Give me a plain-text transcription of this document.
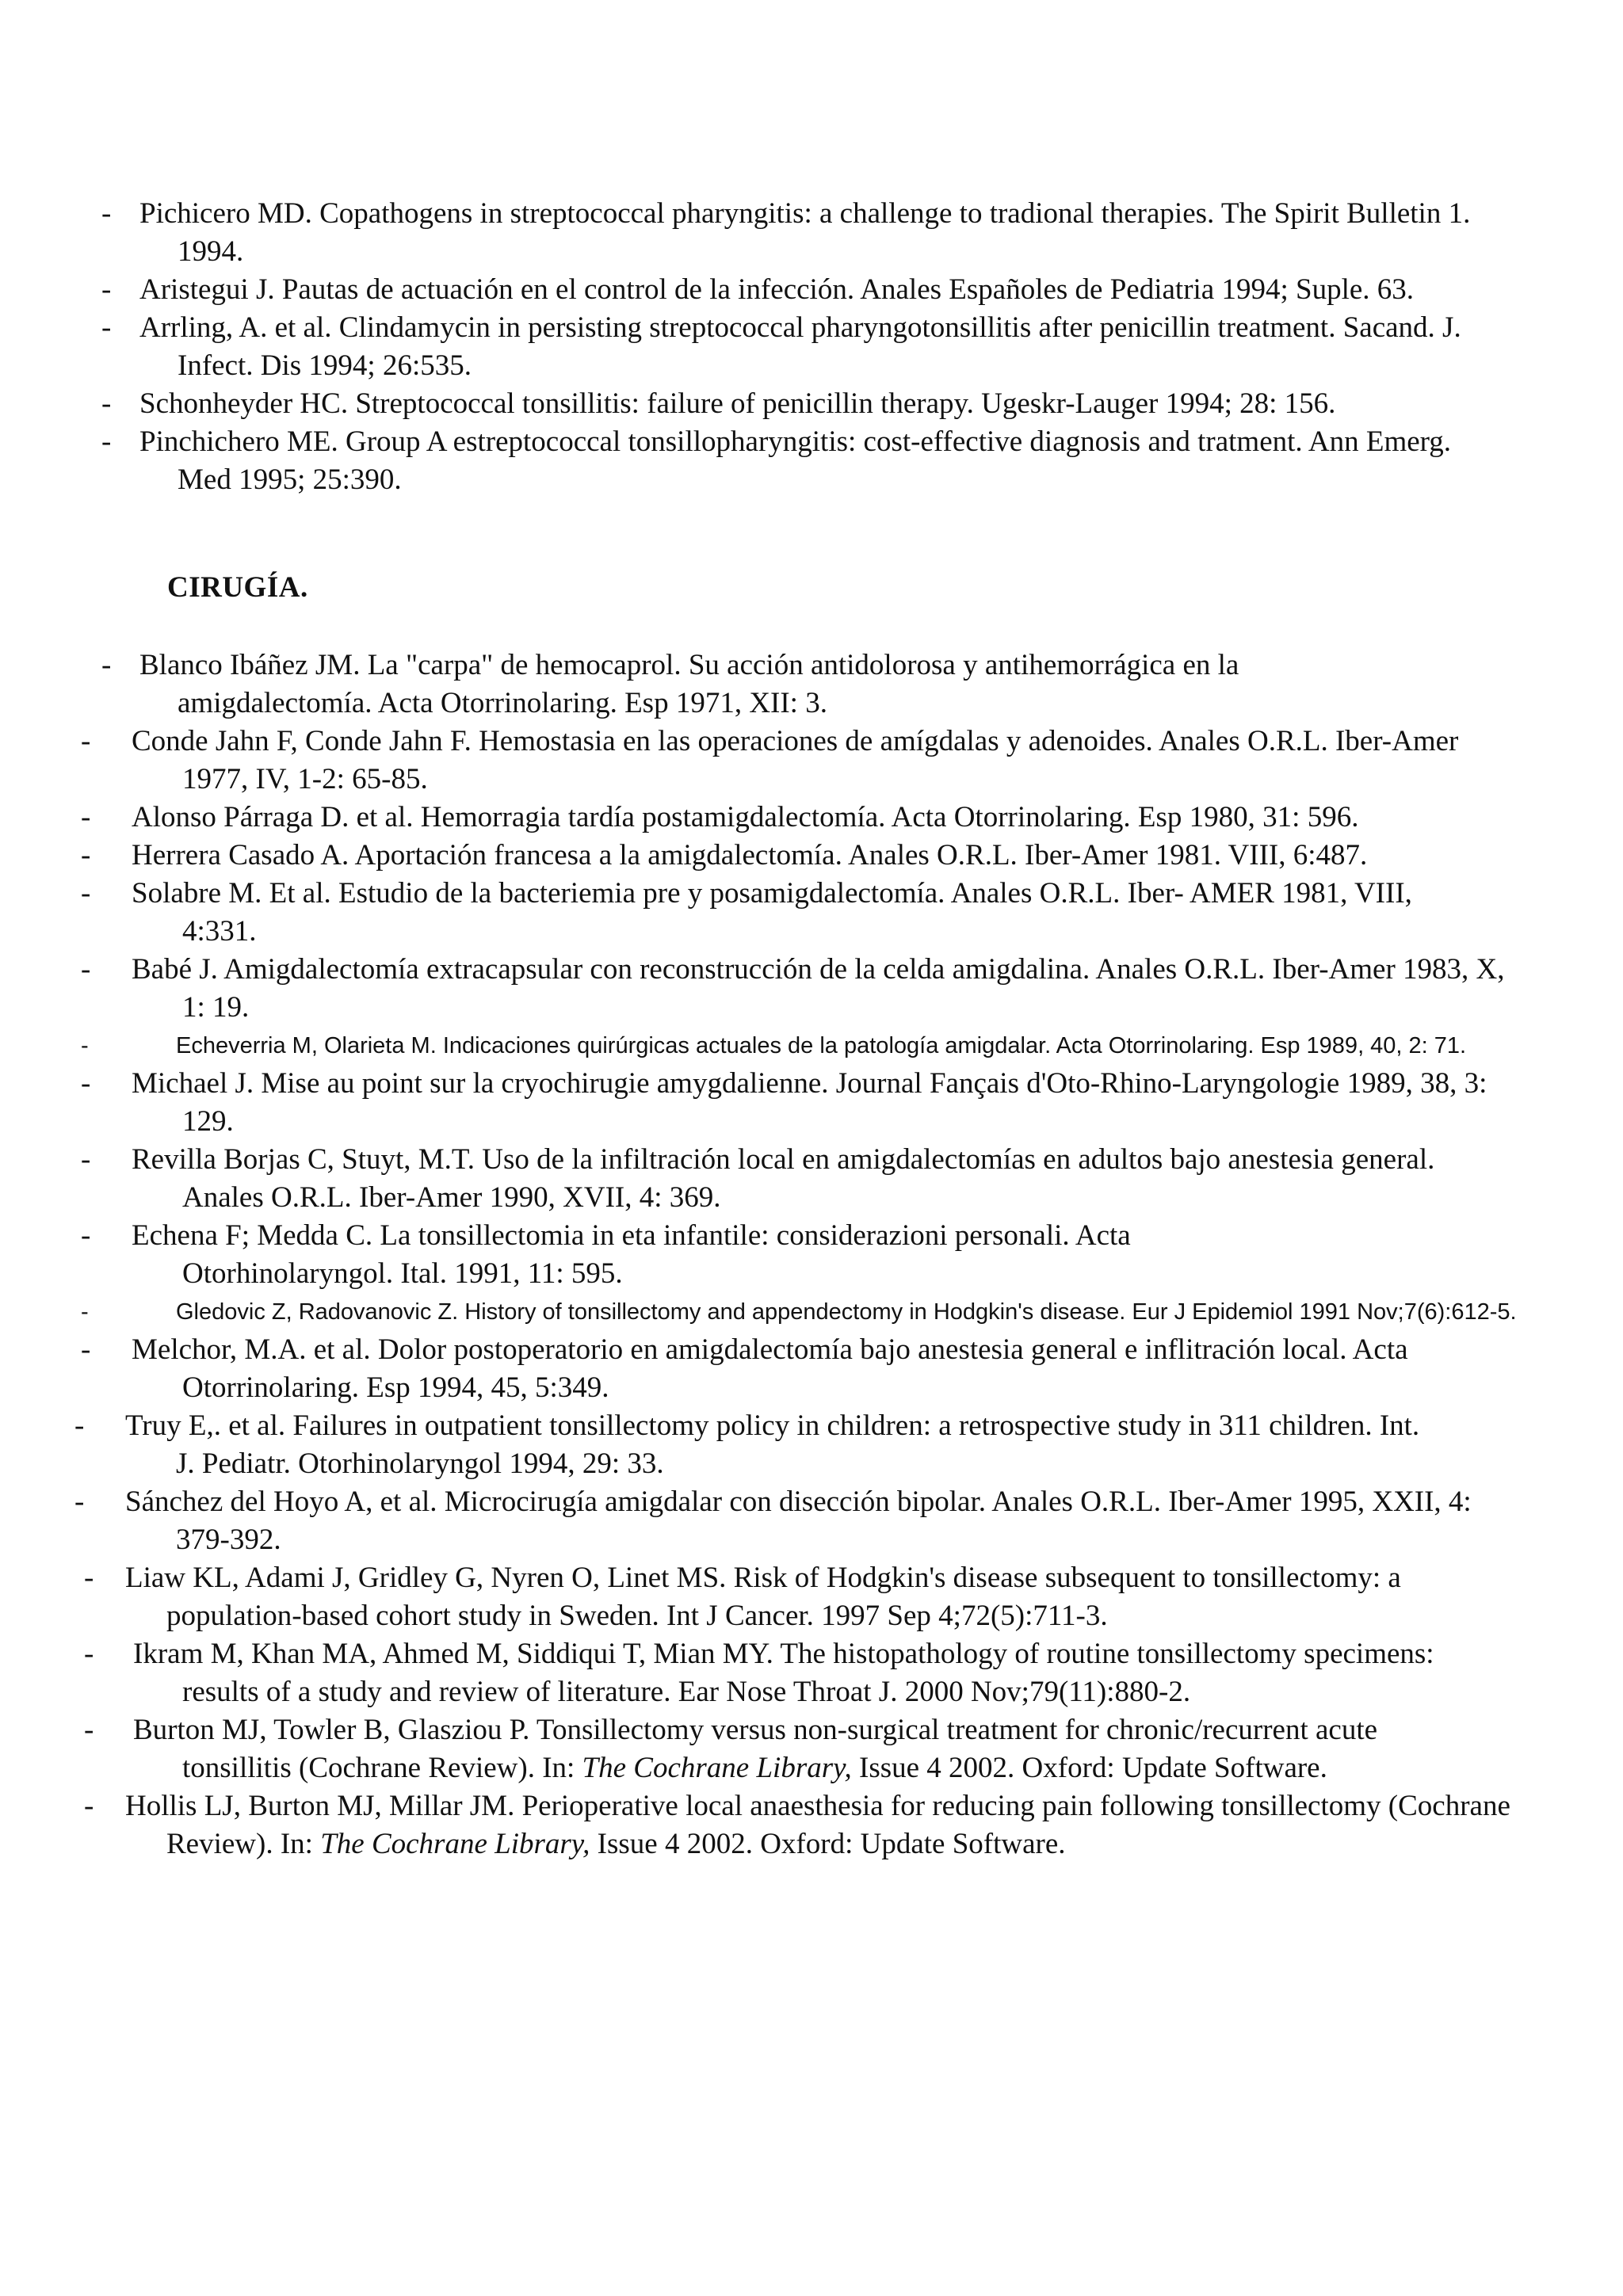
- Pichicero MD. Copathogens in streptococcal pharyngitis: a challenge to tradional therapies. The Spirit Bulletin 1. 1994.

- Aristegui J. Pautas de actuación en el control de la infección. Anales Españoles de Pediatria 1994; Suple. 63.

- Arrling, A. et al. Clindamycin in persisting streptococcal pharyngotonsillitis after penicillin treatment. Sacand. J. Infect. Dis 1994; 26:535.

- Schonheyder HC. Streptococcal tonsillitis: failure of penicillin therapy. Ugeskr-Lauger 1994; 28: 156.

- Pinchichero ME. Group A estreptococcal tonsillopharyngitis: cost-effective diagnosis and tratment. Ann Emerg. Med 1995; 25:390.

CIRUGÍA.

- Blanco Ibáñez JM. La "carpa" de hemocaprol. Su acción antidolorosa y antihemorrágica en la amigdalectomía. Acta Otorrinolaring. Esp 1971, XII: 3.

- Conde Jahn F, Conde Jahn F. Hemostasia en las operaciones de amígdalas y adenoides. Anales O.R.L. Iber-Amer 1977, IV, 1-2: 65-85.

- Alonso Párraga D. et al. Hemorragia tardía postamigdalectomía. Acta Otorrinolaring. Esp 1980, 31: 596.

- Herrera Casado A. Aportación francesa a la amigdalectomía. Anales O.R.L. Iber-Amer 1981. VIII, 6:487.

- Solabre M. Et al. Estudio de la bacteriemia pre y posamigdalectomía. Anales O.R.L. Iber- AMER 1981, VIII, 4:331.

- Babé J. Amigdalectomía extracapsular con reconstrucción de la celda amigdalina. Anales O.R.L. Iber-Amer 1983, X, 1: 19.

-	Echeverria M, Olarieta M. Indicaciones quirúrgicas actuales de la patología amigdalar. Acta Otorrinolaring. Esp 1989, 40, 2: 71.

- Michael J. Mise au point sur la cryochirugie amygdalienne. Journal Fançais d'Oto-Rhino-Laryngologie 1989, 38, 3: 129.

- Revilla Borjas C, Stuyt, M.T. Uso de la infiltración local en amigdalectomías en adultos bajo anestesia general. Anales O.R.L. Iber-Amer 1990, XVII, 4: 369.

- Echena F; Medda C. La tonsillectomia in eta infantile: considerazioni personali. Acta Otorhinolaryngol. Ital. 1991, 11: 595.

-	Gledovic Z, Radovanovic Z. History of tonsillectomy and appendectomy in Hodgkin's disease. Eur J Epidemiol 1991 Nov;7(6):612-5.

- Melchor, M.A. et al. Dolor postoperatorio en amigdalectomía bajo anestesia general e inflitración local. Acta Otorrinolaring. Esp 1994, 45, 5:349.

- Truy E,. et al. Failures in outpatient tonsillectomy policy in children: a retrospective study in 311 children. Int. J. Pediatr. Otorhinolaryngol 1994, 29: 33.

- Sánchez del Hoyo A, et al. Microcirugía amigdalar con disección bipolar. Anales O.R.L. Iber-Amer 1995, XXII, 4: 379-392.

- Liaw KL, Adami J, Gridley G, Nyren O, Linet MS. Risk of Hodgkin's disease subsequent to tonsillectomy: a population-based cohort study in Sweden. Int J Cancer. 1997 Sep 4;72(5):711-3.

- Ikram M, Khan MA, Ahmed M, Siddiqui T, Mian MY. The histopathology of routine tonsillectomy specimens: results of a study and review of literature. Ear Nose Throat J. 2000 Nov;79(11):880-2.

- Burton MJ, Towler B, Glasziou P. Tonsillectomy versus non-surgical treatment for chronic/recurrent acute tonsillitis (Cochrane Review). In: The Cochrane Library, Issue 4 2002. Oxford: Update Software.

- Hollis LJ, Burton MJ, Millar JM. Perioperative local anaesthesia for reducing pain following tonsillectomy (Cochrane Review). In: The Cochrane Library, Issue 4 2002. Oxford: Update Software.
